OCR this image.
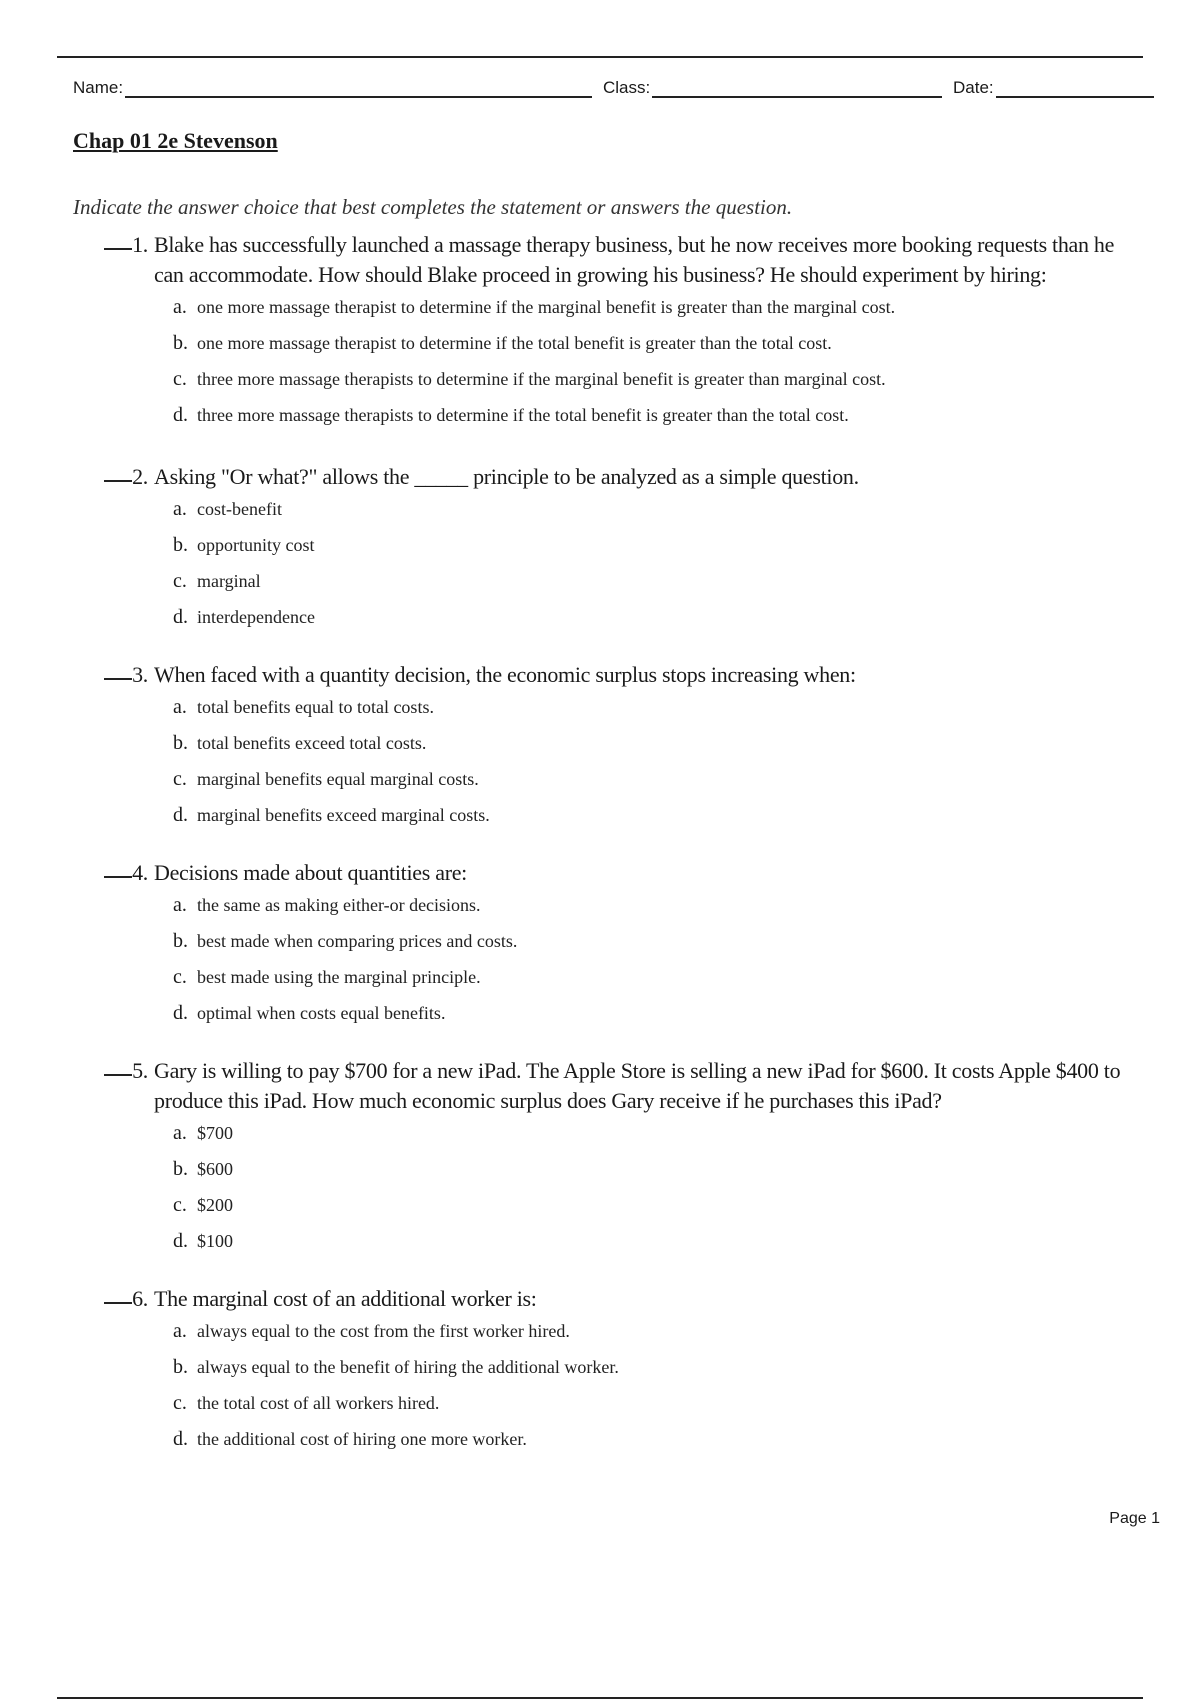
Name:	Class:	Date:
Chap 01 2e Stevenson
Indicate the answer choice that best completes the statement or answers the question.
1. Blake has successfully launched a massage therapy business, but he now receives more booking requests than he can accommodate. How should Blake proceed in growing his business? He should experiment by hiring:
a. one more massage therapist to determine if the marginal benefit is greater than the marginal cost.
b. one more massage therapist to determine if the total benefit is greater than the total cost.
c. three more massage therapists to determine if the marginal benefit is greater than marginal cost.
d. three more massage therapists to determine if the total benefit is greater than the total cost.
2. Asking "Or what?" allows the _____ principle to be analyzed as a simple question.
a. cost-benefit
b. opportunity cost
c. marginal
d. interdependence
3. When faced with a quantity decision, the economic surplus stops increasing when:
a. total benefits equal to total costs.
b. total benefits exceed total costs.
c. marginal benefits equal marginal costs.
d. marginal benefits exceed marginal costs.
4. Decisions made about quantities are:
a. the same as making either-or decisions.
b. best made when comparing prices and costs.
c. best made using the marginal principle.
d. optimal when costs equal benefits.
5. Gary is willing to pay $700 for a new iPad. The Apple Store is selling a new iPad for $600. It costs Apple $400 to produce this iPad. How much economic surplus does Gary receive if he purchases this iPad?
a. $700
b. $600
c. $200
d. $100
6. The marginal cost of an additional worker is:
a. always equal to the cost from the first worker hired.
b. always equal to the benefit of hiring the additional worker.
c. the total cost of all workers hired.
d. the additional cost of hiring one more worker.
Page 1
